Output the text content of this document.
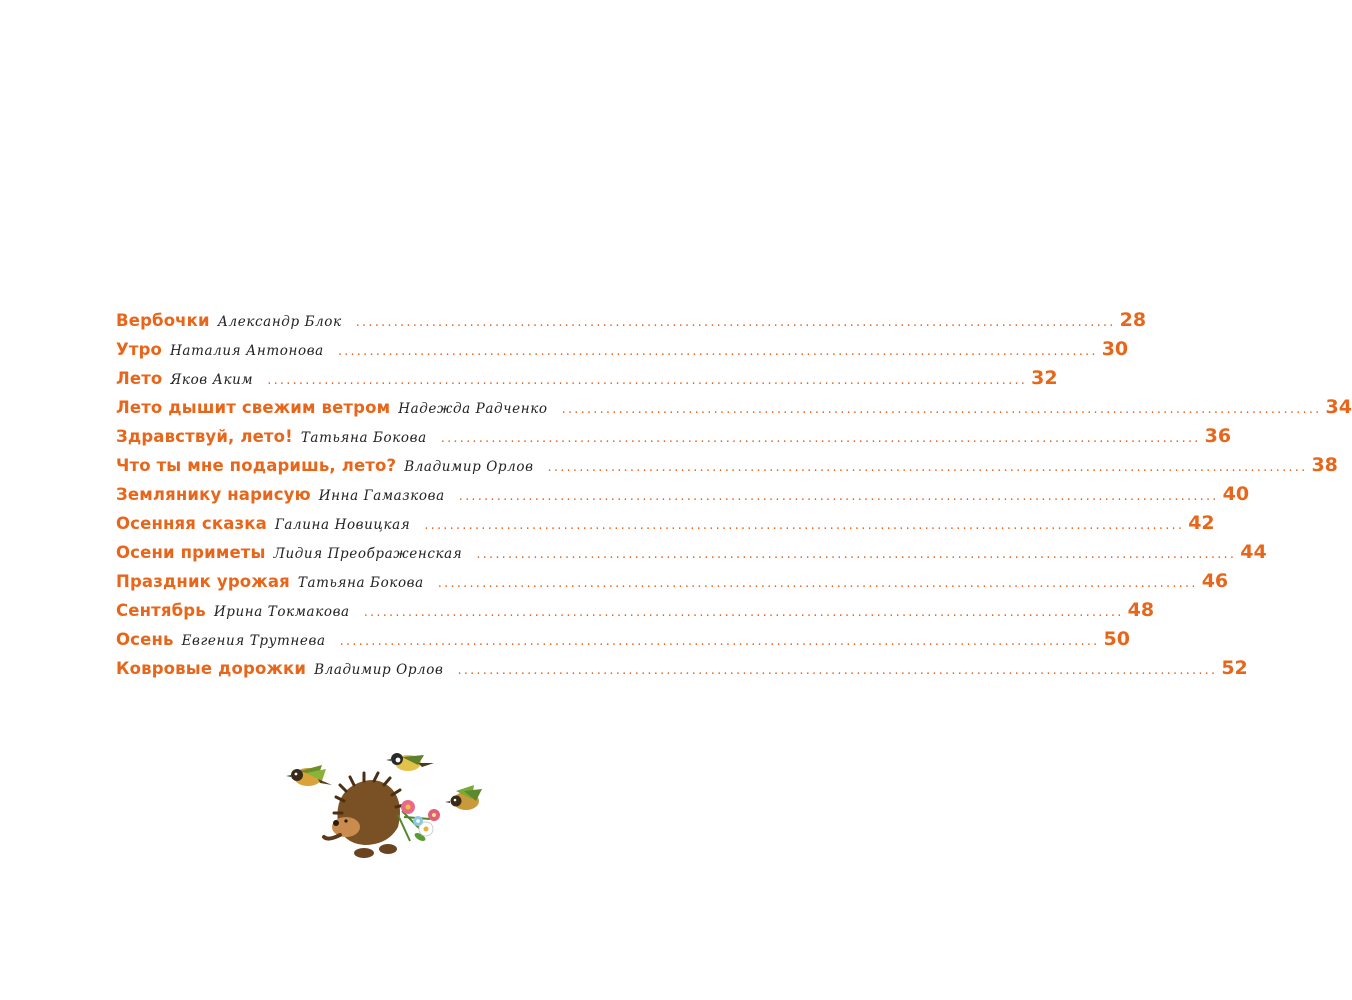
Вербочки Александр Блок ........................................................................................................................ 28
Утро Наталия Антонова ........................................................................................................................ 30
Лето Яков Аким ........................................................................................................................ 32
Лето дышит свежим ветром Надежда Радченко ........................................................................................................................ 34
Здравствуй, лето! Татьяна Бокова ........................................................................................................................ 36
Что ты мне подаришь, лето? Владимир Орлов ........................................................................................................................ 38
Землянику нарисую Инна Гамазкова ........................................................................................................................ 40
Осенняя сказка Галина Новицкая ........................................................................................................................ 42
Осени приметы Лидия Преображенская ........................................................................................................................ 44
Праздник урожая Татьяна Бокова ........................................................................................................................ 46
Сентябрь Ирина Токмакова ........................................................................................................................ 48
Осень Евгения Трутнева ........................................................................................................................ 50
Ковровые дорожки Владимир Орлов ........................................................................................................................ 52
